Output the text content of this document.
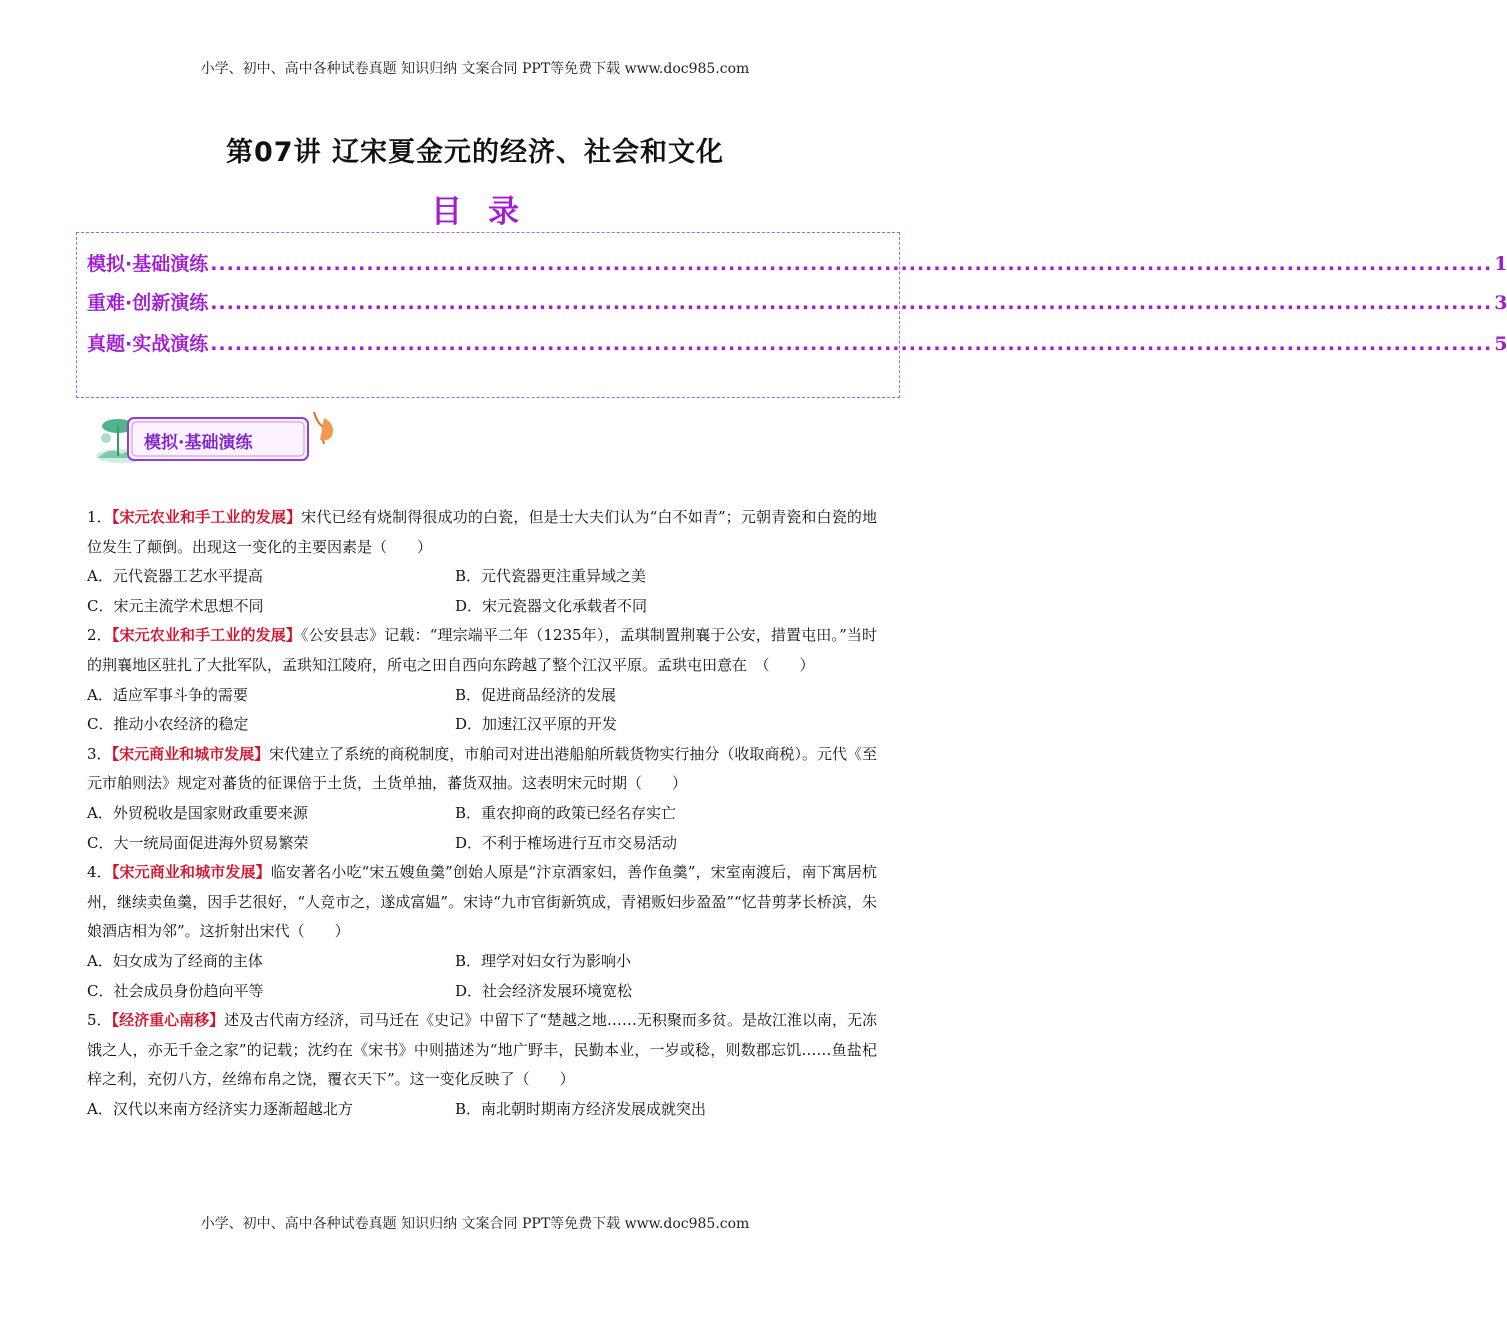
小学、初中、高中各种试卷真题 知识归纳 文案合同 PPT等免费下载 www.doc985.com
第07讲 辽宋夏金元的经济、社会和文化
目录
模拟·基础演练 ............................................................................................................................................................ 1
重难·创新演练 ............................................................................................................................................................ 3
真题·实战演练 ............................................................................................................................................................ 5
模拟·基础演练

1．【宋元农业和手工业的发展】宋代已经有烧制得很成功的白瓷，但是士大夫们认为“白不如青”；元朝青瓷和白瓷的地位发生了颠倒。出现这一变化的主要因素是（　　）

A．元代瓷器工艺水平提高	B．元代瓷器更注重异域之美
C．宋元主流学术思想不同	D．宋元瓷器文化承载者不同

2．【宋元农业和手工业的发展】《公安县志》记载：“理宗端平二年（1235年），孟琪制置荆襄于公安，措置屯田。”当时的荆襄地区驻扎了大批军队，孟珙知江陵府，所屯之田自西向东跨越了整个江汉平原。孟珙屯田意在　（　　）

A．适应军事斗争的需要	B．促进商品经济的发展
C．推动小农经济的稳定	D．加速江汉平原的开发

3．【宋元商业和城市发展】宋代建立了系统的商税制度，市舶司对进出港船舶所载货物实行抽分（收取商税）。元代《至元市舶则法》规定对蕃货的征课倍于土货，土货单抽，蕃货双抽。这表明宋元时期（　　）

A．外贸税收是国家财政重要来源	B．重农抑商的政策已经名存实亡
C．大一统局面促进海外贸易繁荣	D．不利于榷场进行互市交易活动

4．【宋元商业和城市发展】临安著名小吃“宋五嫂鱼羹”创始人原是“汴京酒家妇，善作鱼羹”，宋室南渡后，南下寓居杭州，继续卖鱼羹，因手艺很好，“人竞市之，遂成富媪”。宋诗“九市官街新筑成，青裙贩妇步盈盈”“忆昔剪茅长桥滨，朱娘酒店相为邻”。这折射出宋代（　　）

A．妇女成为了经商的主体	B．理学对妇女行为影响小
C．社会成员身份趋向平等	D．社会经济发展环境宽松

5．【经济重心南移】述及古代南方经济，司马迁在《史记》中留下了“楚越之地……无积聚而多贫。是故江淮以南，无冻饿之人，亦无千金之家”的记载；沈约在《宋书》中则描述为“地广野丰，民勤本业，一岁或稔，则数郡忘饥……鱼盐杞梓之利，充仞八方，丝绵布帛之饶，覆衣天下”。这一变化反映了（　　）

A．汉代以来南方经济实力逐渐超越北方	B．南北朝时期南方经济发展成就突出
小学、初中、高中各种试卷真题 知识归纳 文案合同 PPT等免费下载 www.doc985.com
